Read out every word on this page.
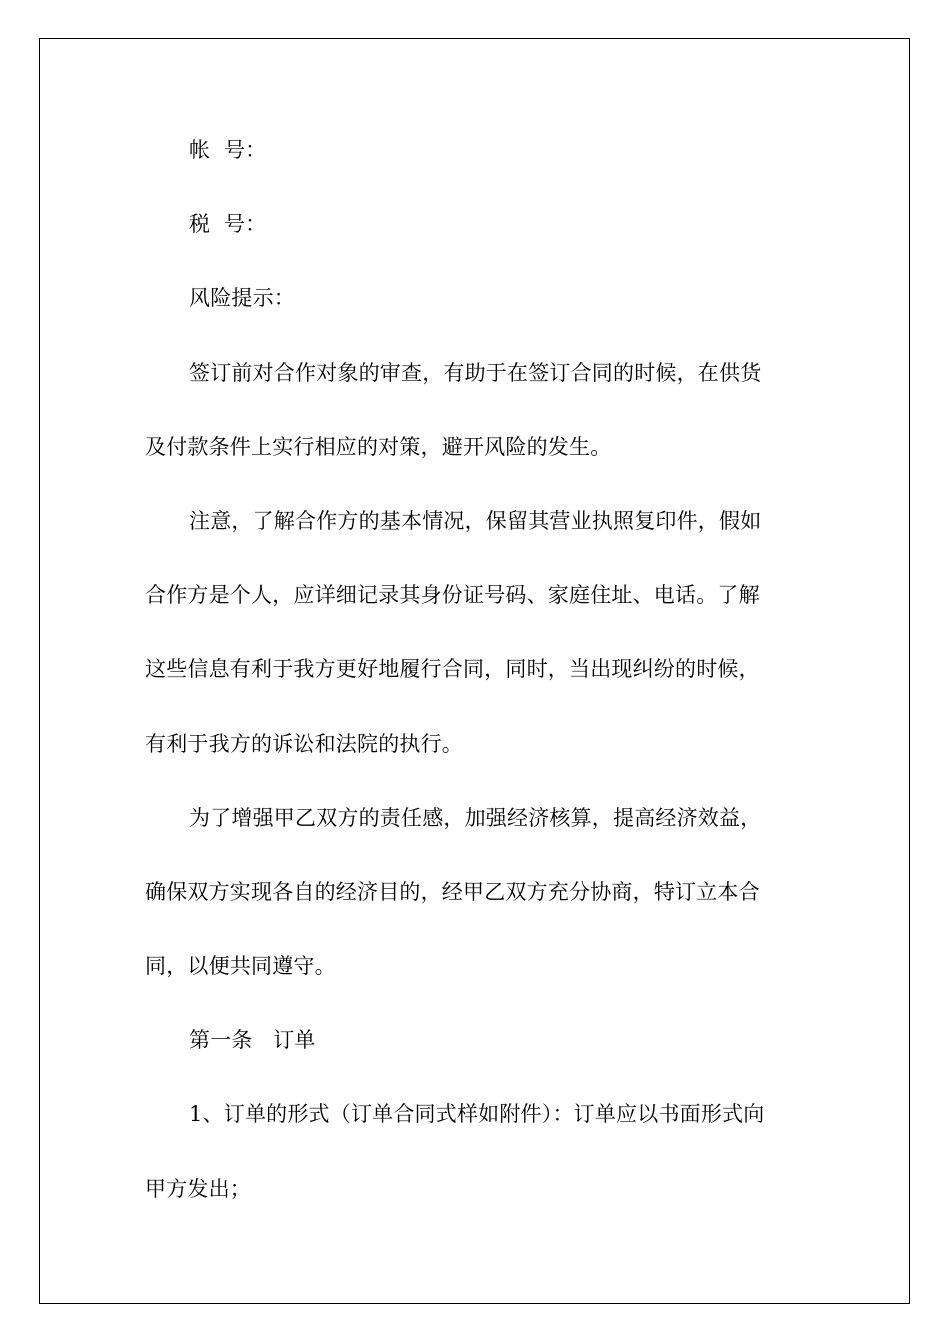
帐  号：
税  号：
风险提示：
签订前对合作对象的审查，有助于在签订合同的时候，在供货
及付款条件上实行相应的对策，避开风险的发生。
注意，了解合作方的基本情况，保留其营业执照复印件，假如
合作方是个人，应详细记录其身份证号码、家庭住址、电话。了解
这些信息有利于我方更好地履行合同，同时，当出现纠纷的时候，
有利于我方的诉讼和法院的执行。
为了增强甲乙双方的责任感，加强经济核算，提高经济效益，
确保双方实现各自的经济目的，经甲乙双方充分协商，特订立本合
同，以便共同遵守。
第一条   订单
1、订单的形式（订单合同式样如附件）：订单应以书面形式向
甲方发出；
